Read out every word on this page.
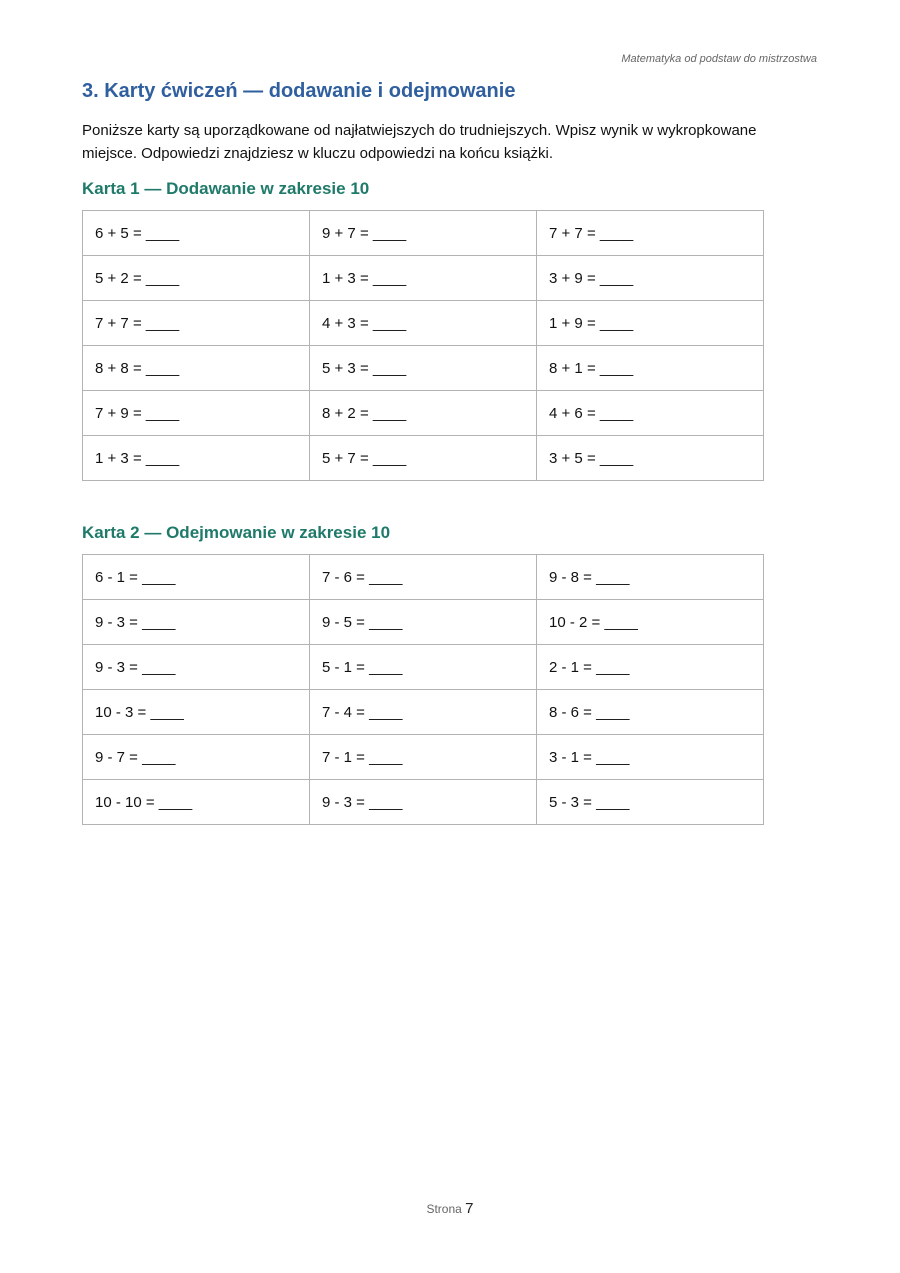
Matematyka od podstaw do mistrzostwa
3. Karty ćwiczeń — dodawanie i odejmowanie

Poniższe karty są uporządkowane od najłatwiejszych do trudniejszych. Wpisz wynik w wykropkowane miejsce. Odpowiedzi znajdziesz w kluczu odpowiedzi na końcu książki.

Karta 1 — Dodawanie w zakresie 10
6 + 5 = ____	9 + 7 = ____	7 + 7 = ____
5 + 2 = ____	1 + 3 = ____	3 + 9 = ____
7 + 7 = ____	4 + 3 = ____	1 + 9 = ____
8 + 8 = ____	5 + 3 = ____	8 + 1 = ____
7 + 9 = ____	8 + 2 = ____	4 + 6 = ____
1 + 3 = ____	5 + 7 = ____	3 + 5 = ____
Karta 2 — Odejmowanie w zakresie 10
6 - 1 = ____	7 - 6 = ____	9 - 8 = ____
9 - 3 = ____	9 - 5 = ____	10 - 2 = ____
9 - 3 = ____	5 - 1 = ____	2 - 1 = ____
10 - 3 = ____	7 - 4 = ____	8 - 6 = ____
9 - 7 = ____	7 - 1 = ____	3 - 1 = ____
10 - 10 = ____	9 - 3 = ____	5 - 3 = ____
Strona 7
